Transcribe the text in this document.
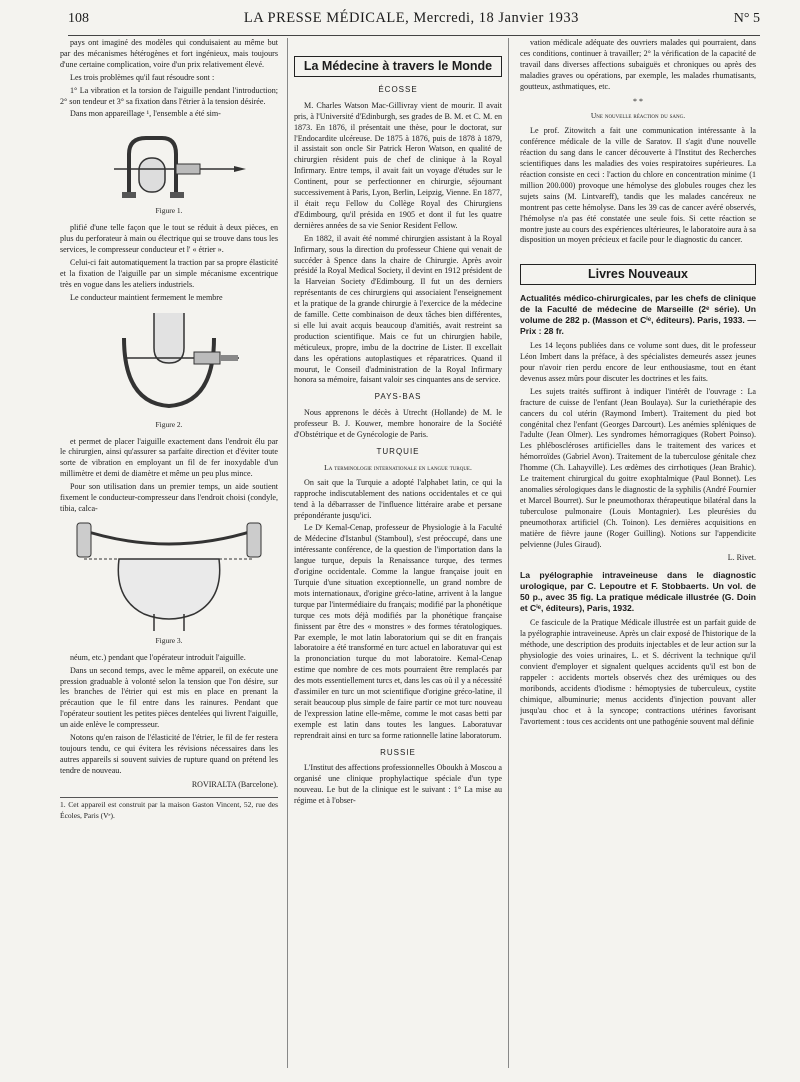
108	LA PRESSE MÉDICALE, Mercredi, 18 Janvier 1933	N° 5

pays ont imaginé des modèles qui conduisaient au même but par des mécanismes hétérogènes et fort ingénieux, mais toujours d'une certaine complication, voire d'un prix relativement élevé.

Les trois problèmes qu'il faut résoudre sont :

1° La vibration et la torsion de l'aiguille pendant l'introduction; 2° son tendeur et 3° sa fixation dans l'étrier à la tension désirée.

Dans mon appareillage ¹, l'ensemble a été sim-

Figure 1.

plifié d'une telle façon que le tout se réduit à deux pièces, en plus du perforateur à main ou électrique qui se trouve dans tous les services, le compresseur conducteur et l' « étrier ».

Celui-ci fait automatiquement la traction par sa propre élasticité et la fixation de l'aiguille par un simple mécanisme excentrique très en vogue dans les ateliers industriels.

Le conducteur maintient fermement le membre

Figure 2.

et permet de placer l'aiguille exactement dans l'endroit élu par le chirurgien, ainsi qu'assurer sa parfaite direction et d'éviter toute sorte de vibration en employant un fil de fer inoxydable d'un millimètre et demi de diamètre et même un peu plus mince.

Pour son utilisation dans un premier temps, un aide soutient fixement le conducteur-compresseur dans l'endroit choisi (condyle, tibia, calca-

Figure 3.

néum, etc.) pendant que l'opérateur introduit l'aiguille.

Dans un second temps, avec le même appareil, on exécute une pression graduable à volonté selon la tension que l'on désire, sur les branches de l'étrier qui est mis en place en prenant la précaution que le fil entre dans les rainures. Pendant que l'opérateur soutient les petites pièces dentelées qui livrent l'aiguille, un aide enlève le compresseur.

Notons qu'en raison de l'élasticité de l'étrier, le fil de fer restera toujours tendu, ce qui évitera les révisions nécessaires dans les autres appareils si souvent suivies de rupture quand on prétend les tendre de nouveau.

ROVIRALTA (Barcelone).
1. Cet appareil est construit par la maison Gaston Vincent, 52, rue des Écoles, Paris (Vᵉ).
La Médecine à travers le Monde
ÉCOSSE

M. Charles Watson Mac-Gillivray vient de mourir. Il avait pris, à l'Université d'Edinburgh, ses grades de B. M. et C. M. en 1873. En 1876, il présentait une thèse, pour le doctorat, sur l'Endocardite ulcéreuse. De 1875 à 1876, puis de 1878 à 1879, il assistait son oncle Sir Patrick Heron Watson, en qualité de chirurgien résident puis de chef de clinique à la Royal Infirmary. Entre temps, il avait fait un voyage d'études sur le Continent, pour se perfectionner en chirurgie, séjournant successivement à Paris, Lyon, Berlin, Leipzig, Vienne. En 1877, il était reçu Fellow du Collège Royal des Chirurgiens d'Edimbourg, qu'il présida en 1905 et dont il fut les quatre dernières années de sa vie Senior Resident Fellow.

En 1882, il avait été nommé chirurgien assistant à la Royal Infirmary, sous la direction du professeur Chiene qui venait de succéder à Spence dans la chaire de Chirurgie. Après avoir présidé la Royal Medical Society, il devint en 1912 président de la Harveian Society d'Edimbourg. Il fut un des derniers représentants de ces chirurgiens qui associaient l'enseignement et la pratique de la grande chirurgie à l'exercice de la médecine de famille. Cette combinaison de deux tâches bien différentes, si elle lui avait acquis beaucoup d'amitiés, avait restreint sa production scientifique. Mais ce fut un chirurgien habile, méticuleux, propre, imbu de la doctrine de Lister. Il excellait dans les opérations autoplastiques et réparatrices. Quand il mourut, le Conseil d'administration de la Royal Infirmary honora sa mémoire, faisant valoir ses cinquantes ans de service.

PAYS-BAS

Nous apprenons le décès à Utrecht (Hollande) de M. le professeur B. J. Kouwer, membre honoraire de la Société d'Obstétrique et de Gynécologie de Paris.

TURQUIE
La terminologie internationale en langue turque.

On sait que la Turquie a adopté l'alphabet latin, ce qui la rapproche indiscutablement des nations occidentales et ce qui tend à la débarrasser de l'influence littéraire arabe et persane prépondérante jusqu'ici.

Le Dʳ Kemal-Cenap, professeur de Physiologie à la Faculté de Médecine d'Istanbul (Stamboul), s'est préoccupé, dans une intéressante conférence, de la question de l'importation dans la langue turque, depuis la Renaissance turque, des termes d'origine occidentale. Comme la langue française jouit en Turquie d'une situation exceptionnelle, un grand nombre de mots internationaux, d'origine gréco-latine, arrivent à la langue turque par l'intermédiaire du français; modifié par la phonétique turque ces mots déjà modifiés par la phonétique française finissent par être des « monstres » des formes tératologiques. Par exemple, le mot latin laboratorium qui se dit en français laboratoire a été transformé en turc actuel en laboratuvar qui est la prononciation turque du mot laboratoire. Kemal-Cenap estime que nombre de ces mots pourraient être remplacés par des mots essentiellement turcs et, dans les cas où il y a nécessité d'assimiler en turc un mot scientifique d'origine gréco-latine, il serait beaucoup plus simple de faire partir ce mot turc nouveau de l'expression latine elle-même, comme le mot casas betti par exemple est latin dans toutes les langues. Laboratuvar reprendrait ainsi en turc sa forme rationnelle latine laboratorum.

RUSSIE

L'Institut des affections professionnelles Oboukh à Moscou a organisé une clinique prophylactique spéciale d'un type nouveau. Le but de la clinique est le suivant : 1° La mise au régime et à l'obser-

vation médicale adéquate des ouvriers malades qui pourraient, dans ces conditions, continuer à travailler; 2° la vérification de la capacité de travail dans diverses affections subaiguës et chroniques ou après des maladies graves ou opérations, par exemple, les malades rhumatisants, goutteux, asthmatiques, etc.

* *
Une nouvelle réaction du sang.

Le prof. Zitowitch a fait une communication intéressante à la conférence médicale de la ville de Saratov. Il s'agit d'une nouvelle réaction du sang dans le cancer découverte à l'Institut des Recherches scientifiques dans les maladies des voies respiratoires supérieures. La réaction consiste en ceci : l'action du chlore en concentration minime (1 million 200.000) provoque une hémolyse des globules rouges chez les sujets sains (M. Lintvareff), tandis que les malades cancéreux ne montrent pas cette hémolyse. Dans les 39 cas de cancer avéré observés, l'hémolyse n'a pas été constatée une seule fois. Si cette réaction se montre juste au cours des expériences ultérieures, le laboratoire aura à sa disposition un moyen précieux et facile pour le diagnostic du cancer.

Livres Nouveaux
Actualités médico-chirurgicales, par les chefs de clinique de la Faculté de médecine de Marseille (2ᵉ série). Un volume de 282 p. (Masson et Cⁱᵉ, éditeurs). Paris, 1933. — Prix : 28 fr.

Les 14 leçons publiées dans ce volume sont dues, dit le professeur Léon Imbert dans la préface, à des spécialistes demeurés assez jeunes pour n'avoir rien perdu encore de leur enthousiasme, tout en étant devenus assez mûrs pour discuter les doctrines et les faits.

Les sujets traités suffiront à indiquer l'intérêt de l'ouvrage : La fracture de cuisse de l'enfant (Jean Boulaya). Sur la curiethérapie des cancers du col utérin (Raymond Imbert). Traitement du pied bot congénital chez l'enfant (Georges Darcourt). Les anémies spléniques de l'adulte (Jean Olmer). Les syndromes hémorragiques (Robert Poinso). Les phléboscléroses artificielles dans le traitement des varices et hémorroïdes (Gabriel Avon). Traitement de la tuberculose génitale chez l'homme (Ch. Lahayville). Les œdèmes des cirrhotiques (Jean Brahic). Le traitement chirurgical du goitre exophtalmique (Paul Bonnet). Les anomalies sérologiques dans le diagnostic de la syphilis (André Fournier et Marcel Bourret). Sur le pneumothorax thérapeutique bilatéral dans la tuberculose pulmonaire (Louis Montagnier). Les pleurésies du pneumothorax artificiel (Ch. Toinon). Les dernières acquisitions en matière de fièvre jaune (Roger Guilling). Notions sur l'appendicite pelvienne (Jules Giraud).

L. Rivet.
La pyélographie intraveineuse dans le diagnostic urologique, par C. Lepoutre et F. Stobbaerts. Un vol. de 50 p., avec 35 fig. La pratique médicale illustrée (G. Doin et Cⁱᵉ, éditeurs), Paris, 1932.

Ce fascicule de la Pratique Médicale illustrée est un parfait guide de la pyélographie intraveineuse. Après un clair exposé de l'historique de la méthode, une description des produits injectables et de leur action sur la physiologie des voies urinaires, L. et S. décrivent la technique qu'il convient d'employer et signalent quelques accidents qu'il est bon de rappeler : accidents mortels observés chez des urémiques ou des moribonds, accidents d'iodisme : hémoptysies de tuberculeux, cystite chimique, albuminurie; menus accidents d'injection pouvant aller jusqu'au choc et à la syncope; contractions utérines favorisant l'avortement : tous ces accidents ont une pathogénie souvent mal définie
